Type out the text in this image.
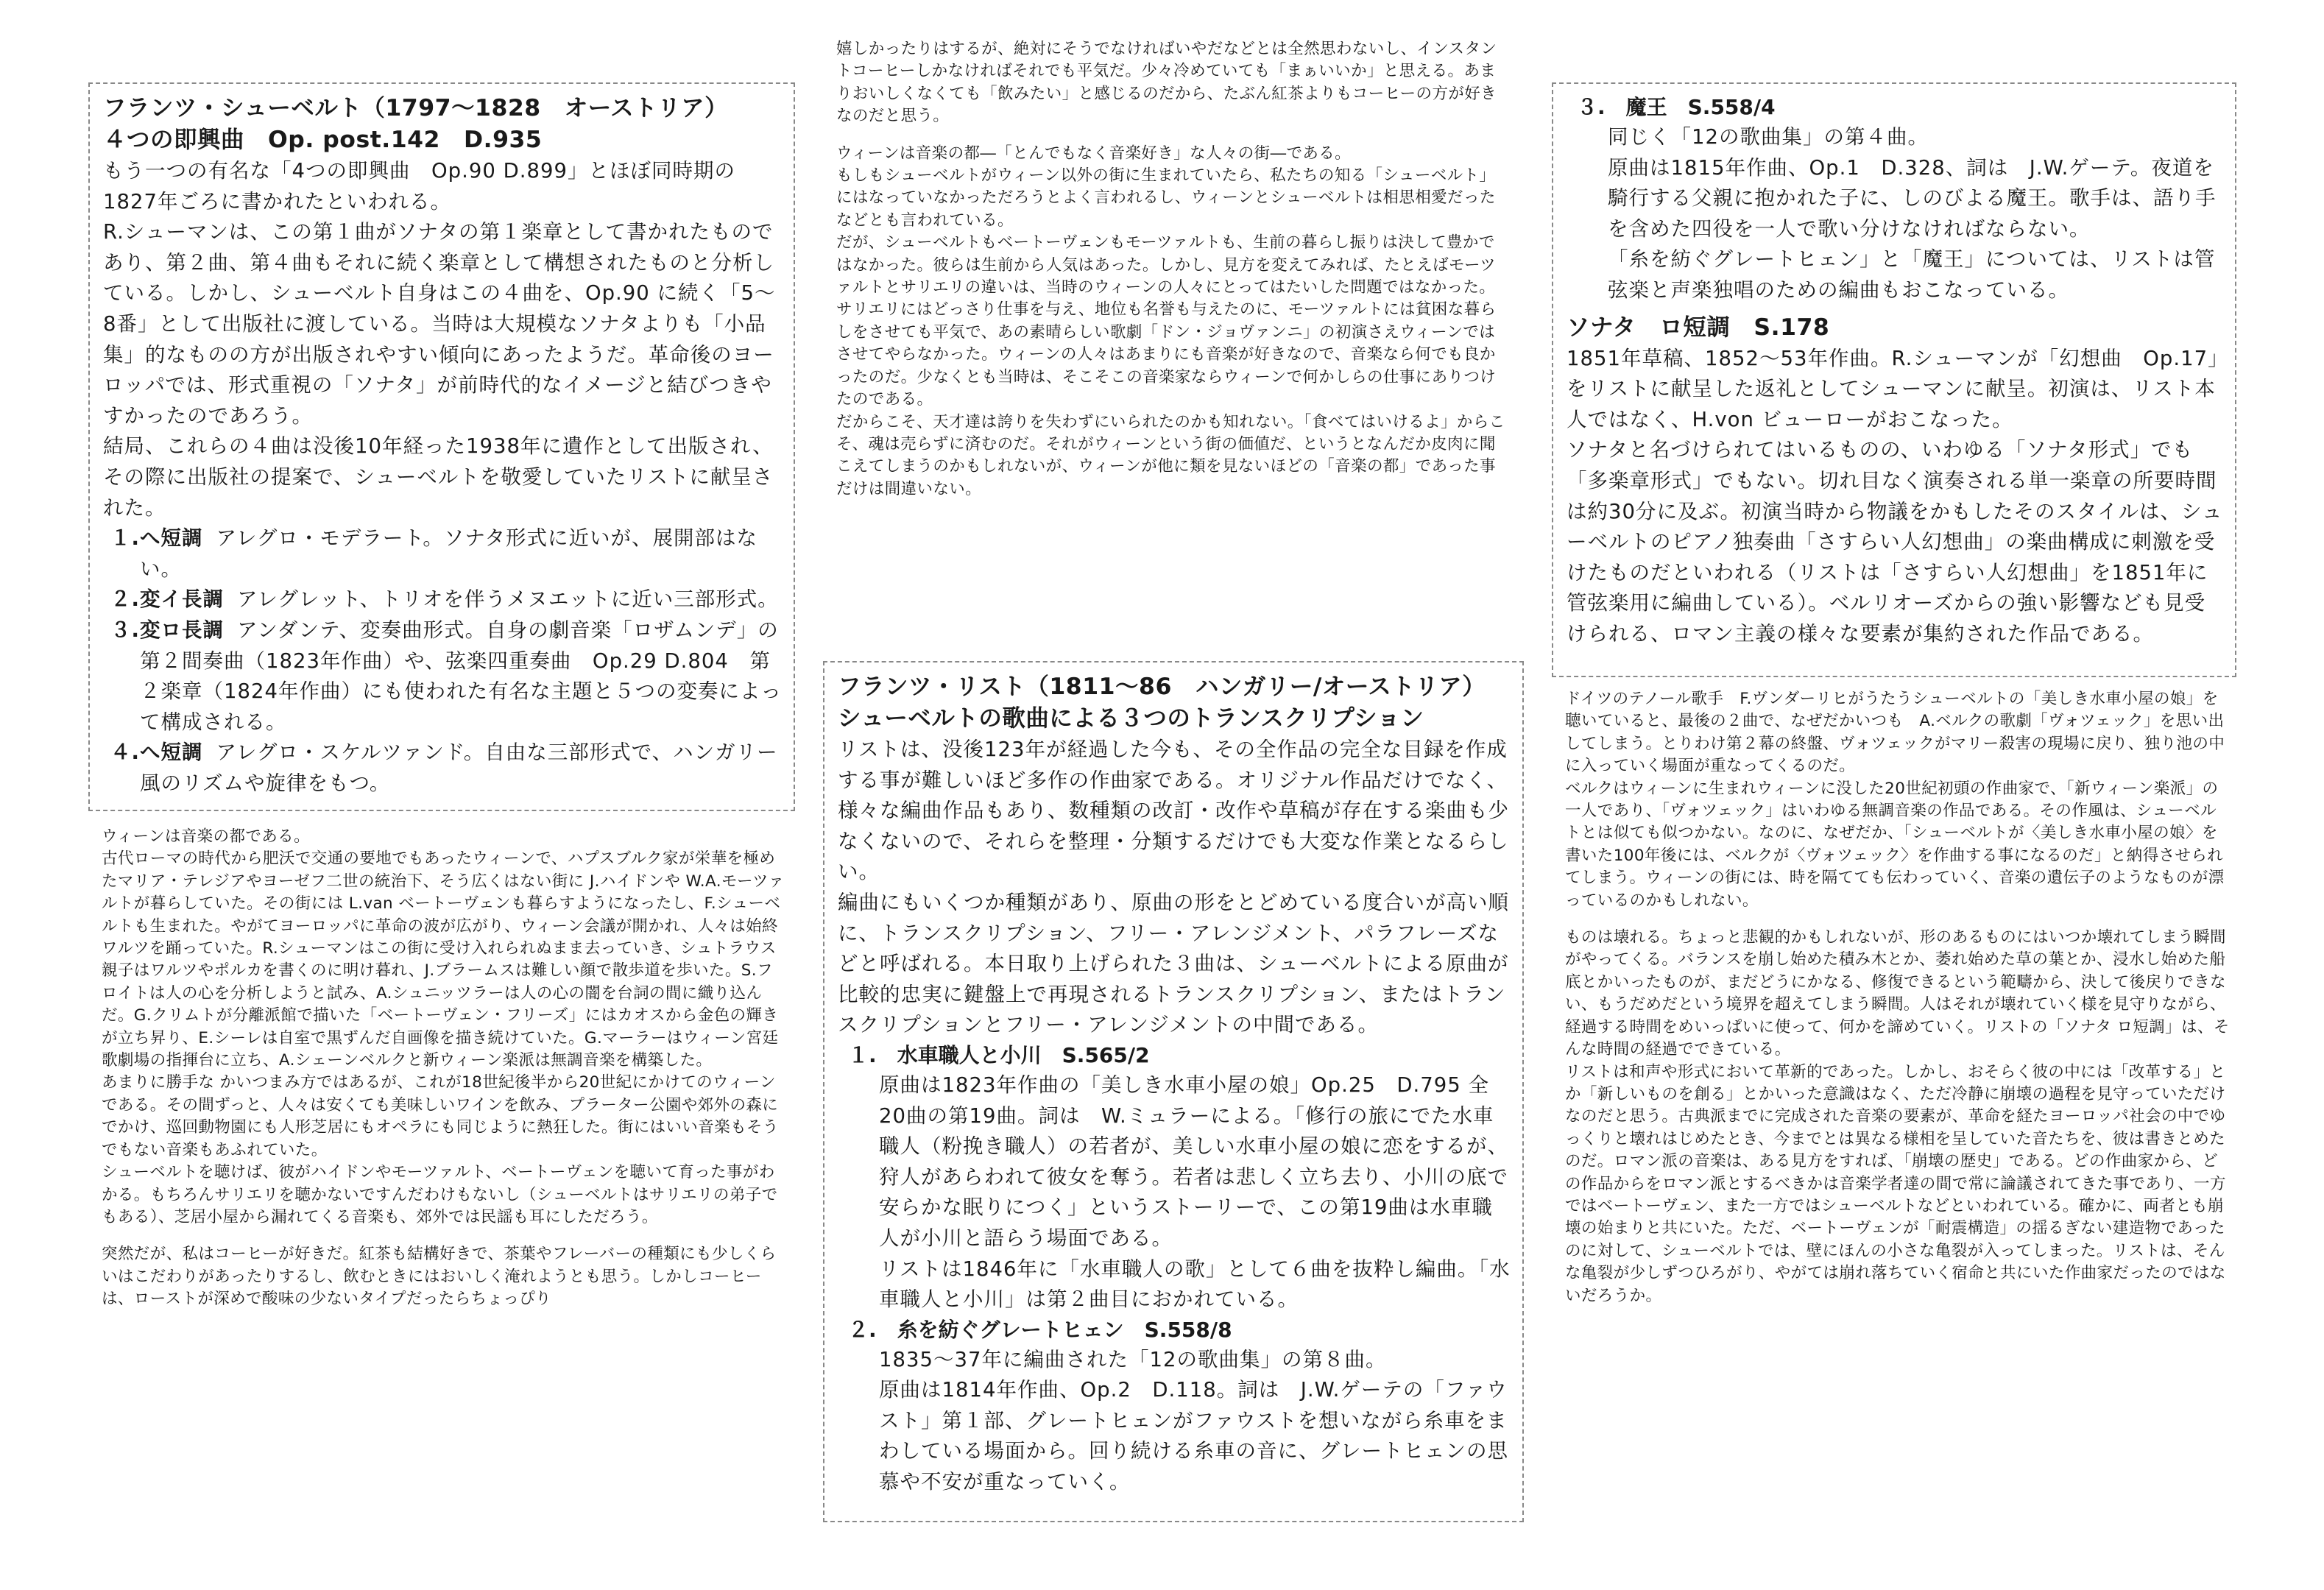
フランツ・シューベルト（1797～1828　オーストリア）
４つの即興曲　Op. post.142　D.935

もう一つの有名な「4つの即興曲　Op.90 D.899」とほぼ同時期の1827年ごろに書かれたといわれる。

R.シューマンは、この第１曲がソナタの第１楽章として書かれたものであり、第２曲、第４曲もそれに続く楽章として構想されたものと分析している。しかし、シューベルト自身はこの４曲を、Op.90 に続く「5～8番」として出版社に渡している。当時は大規模なソナタよりも「小品集」的なものの方が出版されやすい傾向にあったようだ。革命後のヨーロッパでは、形式重視の「ソナタ」が前時代的なイメージと結びつきやすかったのであろう。

結局、これらの４曲は没後10年経った1938年に遺作として出版され、その際に出版社の提案で、シューベルトを敬愛していたリストに献呈された。

１. へ短調 アレグロ・モデラート。ソナタ形式に近いが、展開部はない。
２. 変イ長調 アレグレット、トリオを伴うメヌエットに近い三部形式。
３. 変ロ長調 アンダンテ、変奏曲形式。自身の劇音楽「ロザムンデ」の第２間奏曲（1823年作曲）や、弦楽四重奏曲　Op.29 D.804　第２楽章（1824年作曲）にも使われた有名な主題と５つの変奏によって構成される。
４. へ短調 アレグロ・スケルツァンド。自由な三部形式で、ハンガリー風のリズムや旋律をもつ。

ウィーンは音楽の都である。

古代ローマの時代から肥沃で交通の要地でもあったウィーンで、ハプスブルク家が栄華を極めたマリア・テレジアやヨーゼフ二世の統治下、そう広くはない街に J.ハイドンや W.A.モーツァルトが暮らしていた。その街には L.van ベートーヴェンも暮らすようになったし、F.シューベルトも生まれた。やがてヨーロッパに革命の波が広がり、ウィーン会議が開かれ、人々は始終ワルツを踊っていた。R.シューマンはこの街に受け入れられぬまま去っていき、シュトラウス親子はワルツやポルカを書くのに明け暮れ、J.ブラームスは難しい顔で散歩道を歩いた。S.フロイトは人の心を分析しようと試み、A.シュニッツラーは人の心の闇を台詞の間に織り込んだ。G.クリムトが分離派館で描いた「ベートーヴェン・フリーズ」にはカオスから金色の輝きが立ち昇り、E.シーレは自室で黒ずんだ自画像を描き続けていた。G.マーラーはウィーン宮廷歌劇場の指揮台に立ち、A.シェーンベルクと新ウィーン楽派は無調音楽を構築した。

あまりに勝手な かいつまみ方ではあるが、これが18世紀後半から20世紀にかけてのウィーンである。その間ずっと、人々は安くても美味しいワインを飲み、プラーター公園や郊外の森にでかけ、巡回動物園にも人形芝居にもオペラにも同じように熱狂した。街にはいい音楽もそうでもない音楽もあふれていた。

シューベルトを聴けば、彼がハイドンやモーツァルト、ベートーヴェンを聴いて育った事がわかる。もちろんサリエリを聴かないですんだわけもないし（シューベルトはサリエリの弟子でもある）、芝居小屋から漏れてくる音楽も、郊外では民謡も耳にしただろう。

突然だが、私はコーヒーが好きだ。紅茶も結構好きで、茶葉やフレーバーの種類にも少しくらいはこだわりがあったりするし、飲むときにはおいしく淹れようとも思う。しかしコーヒーは、ローストが深めで酸味の少ないタイプだったらちょっぴり

嬉しかったりはするが、絶対にそうでなければいやだなどとは全然思わないし、インスタントコーヒーしかなければそれでも平気だ。少々冷めていても「まぁいいか」と思える。あまりおいしくなくても「飲みたい」と感じるのだから、たぶん紅茶よりもコーヒーの方が好きなのだと思う。

ウィーンは音楽の都―「とんでもなく音楽好き」な人々の街―である。

もしもシューベルトがウィーン以外の街に生まれていたら、私たちの知る「シューベルト」にはなっていなかっただろうとよく言われるし、ウィーンとシューベルトは相思相愛だったなどとも言われている。

だが、シューベルトもベートーヴェンもモーツァルトも、生前の暮らし振りは決して豊かではなかった。彼らは生前から人気はあった。しかし、見方を変えてみれば、たとえばモーツァルトとサリエリの違いは、当時のウィーンの人々にとってはたいした問題ではなかった。サリエリにはどっさり仕事を与え、地位も名誉も与えたのに、モーツァルトには貧困な暮らしをさせても平気で、あの素晴らしい歌劇「ドン・ジョヴァンニ」の初演さえウィーンではさせてやらなかった。ウィーンの人々はあまりにも音楽が好きなので、音楽なら何でも良かったのだ。少なくとも当時は、そこそこの音楽家ならウィーンで何かしらの仕事にありつけたのである。

だからこそ、天才達は誇りを失わずにいられたのかも知れない。「食べてはいけるよ」からこそ、魂は売らずに済むのだ。それがウィーンという街の価値だ、というとなんだか皮肉に聞こえてしまうのかもしれないが、ウィーンが他に類を見ないほどの「音楽の都」であった事だけは間違いない。

フランツ・リスト（1811～86　ハンガリー/オーストリア）
シューベルトの歌曲による３つのトランスクリプション

リストは、没後123年が経過した今も、その全作品の完全な目録を作成する事が難しいほど多作の作曲家である。オリジナル作品だけでなく、様々な編曲作品もあり、数種類の改訂・改作や草稿が存在する楽曲も少なくないので、それらを整理・分類するだけでも大変な作業となるらしい。

編曲にもいくつか種類があり、原曲の形をとどめている度合いが高い順に、トランスクリプション、フリー・アレンジメント、パラフレーズなどと呼ばれる。本日取り上げられた３曲は、シューベルトによる原曲が比較的忠実に鍵盤上で再現されるトランスクリプション、またはトランスクリプションとフリー・アレンジメントの中間である。

１.　水車職人と小川　S.565/2

原曲は1823年作曲の「美しき水車小屋の娘」Op.25　D.795 全20曲の第19曲。詞は　W.ミュラーによる。「修行の旅にでた水車職人（粉挽き職人）の若者が、美しい水車小屋の娘に恋をするが、狩人があらわれて彼女を奪う。若者は悲しく立ち去り、小川の底で安らかな眠りにつく」というストーリーで、この第19曲は水車職人が小川と語らう場面である。

リストは1846年に「水車職人の歌」として６曲を抜粋し編曲。「水車職人と小川」は第２曲目におかれている。

２.　糸を紡ぐグレートヒェン　S.558/8

1835～37年に編曲された「12の歌曲集」の第８曲。

原曲は1814年作曲、Op.2　D.118。詞は　J.W.ゲーテの「ファウスト」第１部、グレートヒェンがファウストを想いながら糸車をまわしている場面から。回り続ける糸車の音に、グレートヒェンの思慕や不安が重なっていく。

３.　魔王　S.558/4

同じく「12の歌曲集」の第４曲。

原曲は1815年作曲、Op.1　D.328、詞は　J.W.ゲーテ。夜道を騎行する父親に抱かれた子に、しのびよる魔王。歌手は、語り手を含めた四役を一人で歌い分けなければならない。

「糸を紡ぐグレートヒェン」と「魔王」については、リストは管弦楽と声楽独唱のための編曲もおこなっている。

ソナタ　ロ短調　S.178

1851年草稿、1852～53年作曲。R.シューマンが「幻想曲　Op.17」をリストに献呈した返礼としてシューマンに献呈。初演は、リスト本人ではなく、H.von ビューローがおこなった。

ソナタと名づけられてはいるものの、いわゆる「ソナタ形式」でも「多楽章形式」でもない。切れ目なく演奏される単一楽章の所要時間は約30分に及ぶ。初演当時から物議をかもしたそのスタイルは、シューベルトのピアノ独奏曲「さすらい人幻想曲」の楽曲構成に刺激を受けたものだといわれる（リストは「さすらい人幻想曲」を1851年に管弦楽用に編曲している）。ベルリオーズからの強い影響なども見受けられる、ロマン主義の様々な要素が集約された作品である。

ドイツのテノール歌手　F.ヴンダーリヒがうたうシューベルトの「美しき水車小屋の娘」を聴いていると、最後の２曲で、なぜだかいつも　A.ベルクの歌劇「ヴォツェック」を思い出してしまう。とりわけ第２幕の終盤、ヴォツェックがマリー殺害の現場に戻り、独り池の中に入っていく場面が重なってくるのだ。

ベルクはウィーンに生まれウィーンに没した20世紀初頭の作曲家で、「新ウィーン楽派」の一人であり、「ヴォツェック」はいわゆる無調音楽の作品である。その作風は、シューベルトとは似ても似つかない。なのに、なぜだか、「シューベルトが〈美しき水車小屋の娘〉を書いた100年後には、ベルクが〈ヴォツェック〉を作曲する事になるのだ」と納得させられてしまう。ウィーンの街には、時を隔てても伝わっていく、音楽の遺伝子のようなものが漂っているのかもしれない。

ものは壊れる。ちょっと悲観的かもしれないが、形のあるものにはいつか壊れてしまう瞬間がやってくる。バランスを崩し始めた積み木とか、萎れ始めた草の葉とか、浸水し始めた船底とかいったものが、まだどうにかなる、修復できるという範疇から、決して後戻りできない、もうだめだという境界を超えてしまう瞬間。人はそれが壊れていく様を見守りながら、経過する時間をめいっぱいに使って、何かを諦めていく。リストの「ソナタ ロ短調」は、そんな時間の経過でできている。

リストは和声や形式において革新的であった。しかし、おそらく彼の中には「改革する」とか「新しいものを創る」とかいった意識はなく、ただ冷静に崩壊の過程を見守っていただけなのだと思う。古典派までに完成された音楽の要素が、革命を経たヨーロッパ社会の中でゆっくりと壊れはじめたとき、今までとは異なる様相を呈していた音たちを、彼は書きとめたのだ。ロマン派の音楽は、ある見方をすれば、「崩壊の歴史」である。どの作曲家から、どの作品からをロマン派とするべきかは音楽学者達の間で常に論議されてきた事であり、一方ではベートーヴェン、また一方ではシューベルトなどといわれている。確かに、両者とも崩壊の始まりと共にいた。ただ、ベートーヴェンが「耐震構造」の揺るぎない建造物であったのに対して、シューベルトでは、壁にほんの小さな亀裂が入ってしまった。リストは、そんな亀裂が少しずつひろがり、やがては崩れ落ちていく宿命と共にいた作曲家だったのではないだろうか。
